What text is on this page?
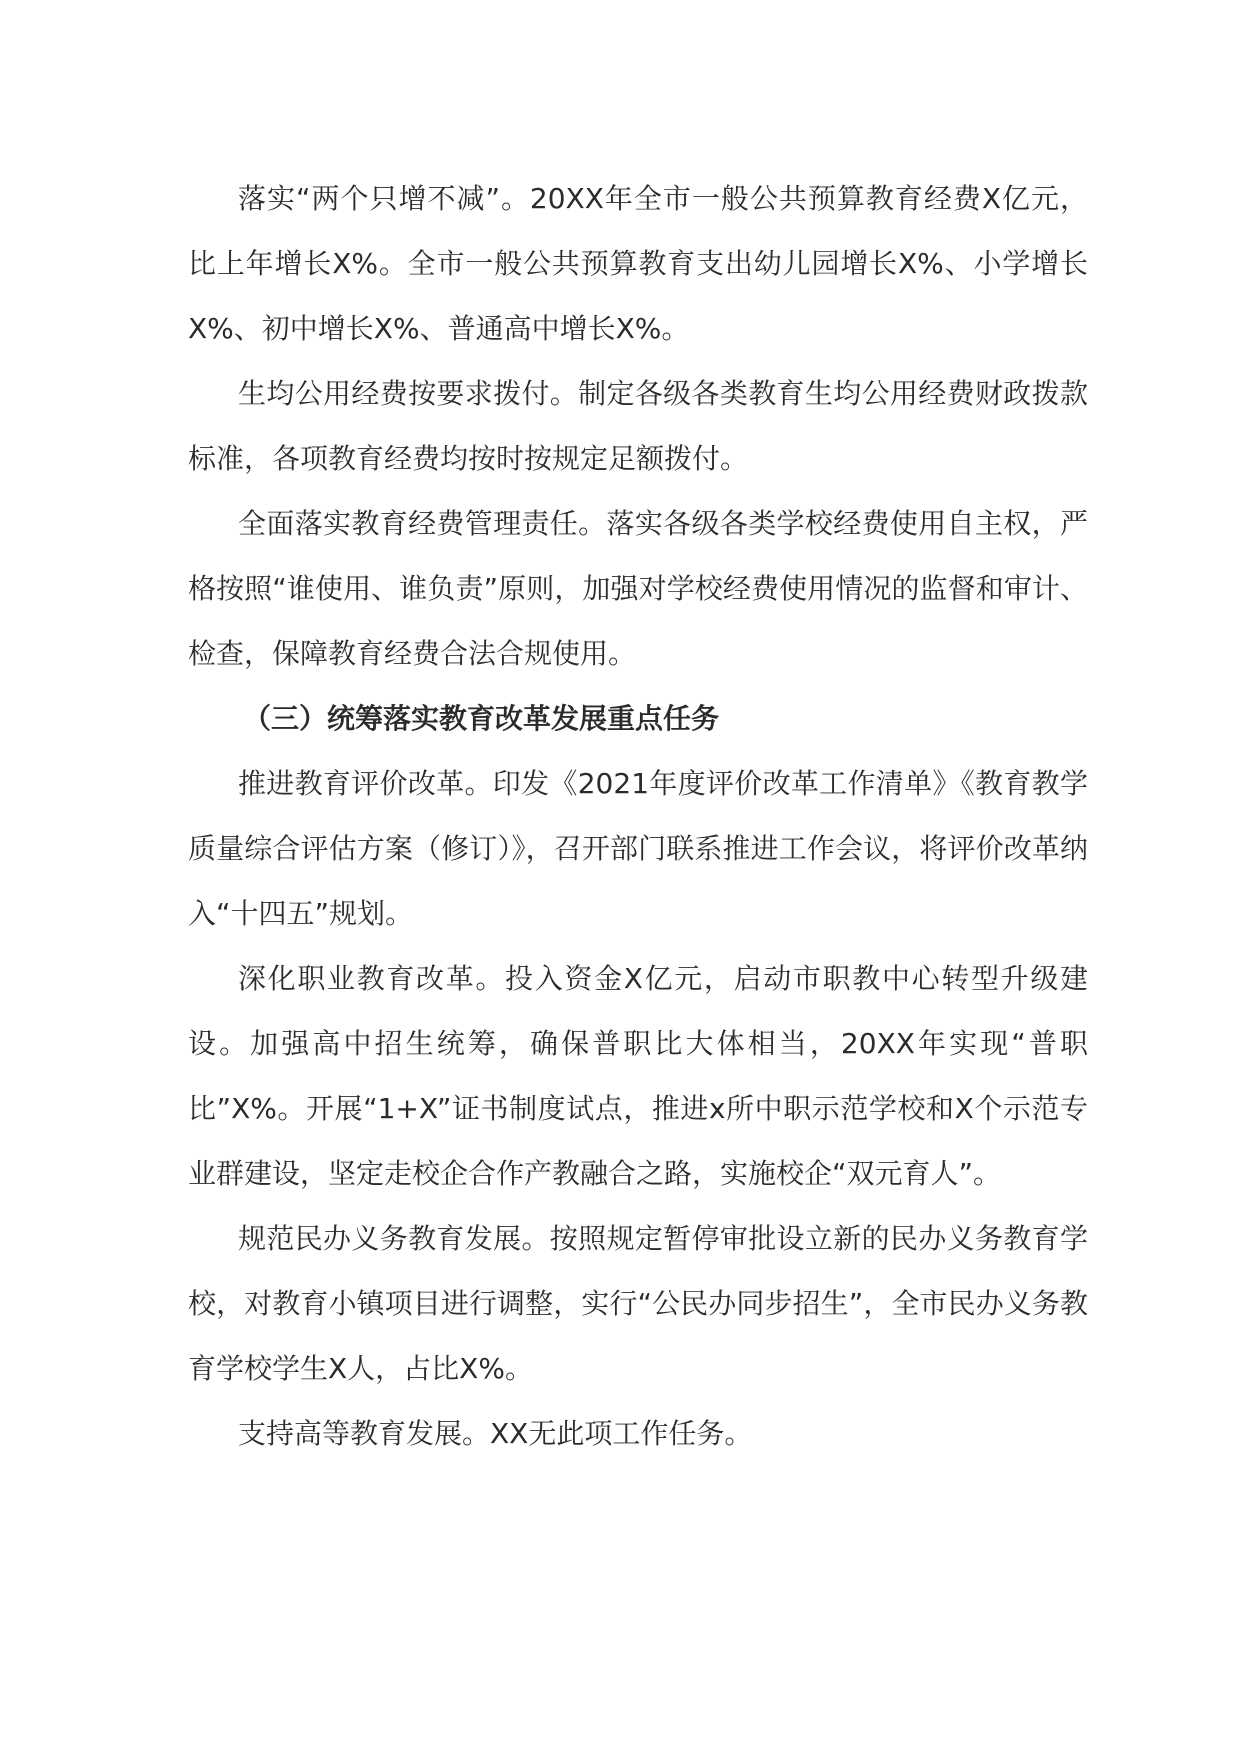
落实“两个只增不减”。20XX年全市一般公共预算教育经费X亿元，比上年增长X%。全市一般公共预算教育支出幼儿园增长X%、小学增长X%、初中增长X%、普通高中增长X%。

生均公用经费按要求拨付。制定各级各类教育生均公用经费财政拨款标准，各项教育经费均按时按规定足额拨付。

全面落实教育经费管理责任。落实各级各类学校经费使用自主权，严格按照“谁使用、谁负责”原则，加强对学校经费使用情况的监督和审计、检查，保障教育经费合法合规使用。

（三）统筹落实教育改革发展重点任务

推进教育评价改革。印发《2021年度评价改革工作清单》《教育教学质量综合评估方案（修订）》，召开部门联系推进工作会议，将评价改革纳入“十四五”规划。

深化职业教育改革。投入资金X亿元，启动市职教中心转型升级建设。加强高中招生统筹，确保普职比大体相当，20XX年实现“普职比”X%。开展“1+X”证书制度试点，推进x所中职示范学校和X个示范专业群建设，坚定走校企合作产教融合之路，实施校企“双元育人”。

规范民办义务教育发展。按照规定暂停审批设立新的民办义务教育学校，对教育小镇项目进行调整，实行“公民办同步招生”，全市民办义务教育学校学生X人，占比X%。

支持高等教育发展。XX无此项工作任务。
